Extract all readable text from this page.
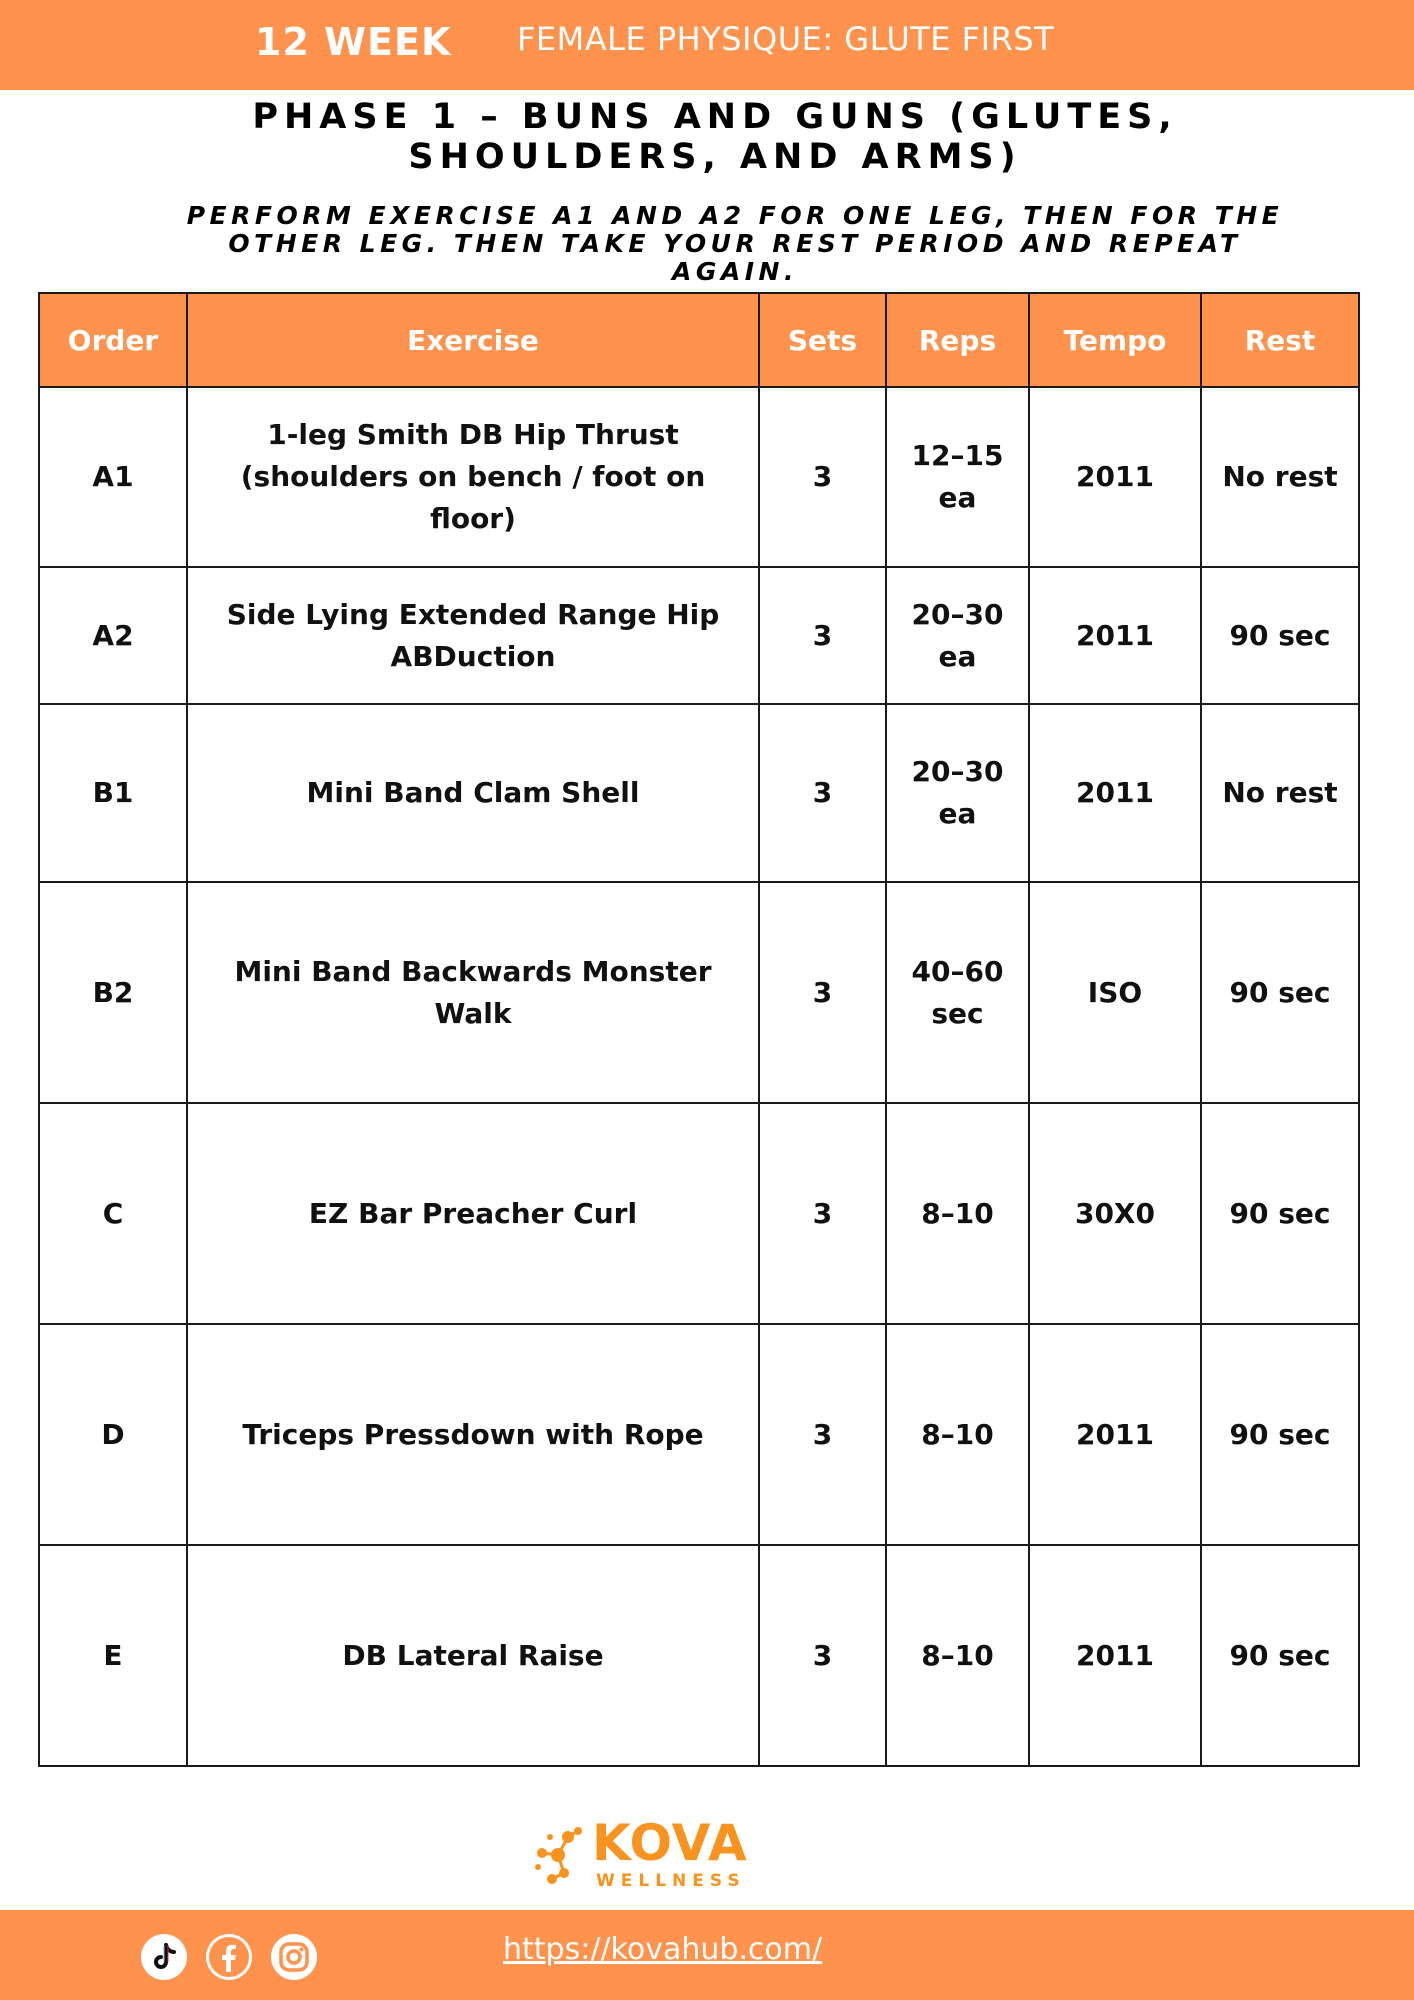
12 WEEK FEMALE PHYSIQUE: GLUTE FIRST
PHASE 1 – BUNS AND GUNS (GLUTES, SHOULDERS, AND ARMS)
PERFORM EXERCISE A1 AND A2 FOR ONE LEG, THEN FOR THE OTHER LEG. THEN TAKE YOUR REST PERIOD AND REPEAT AGAIN.
Order	Exercise	Sets	Reps	Tempo	Rest
A1	1-leg Smith DB Hip Thrust (shoulders on bench / foot on floor)	3	12–15 ea	2011	No rest
A2	Side Lying Extended Range Hip ABDuction	3	20–30 ea	2011	90 sec
B1	Mini Band Clam Shell	3	20–30 ea	2011	No rest
B2	Mini Band Backwards Monster Walk	3	40–60 sec	ISO	90 sec
C	EZ Bar Preacher Curl	3	8–10	30X0	90 sec
D	Triceps Pressdown with Rope	3	8–10	2011	90 sec
E	DB Lateral Raise	3	8–10	2011	90 sec
KOVA
WELLNESS
https://kovahub.com/
